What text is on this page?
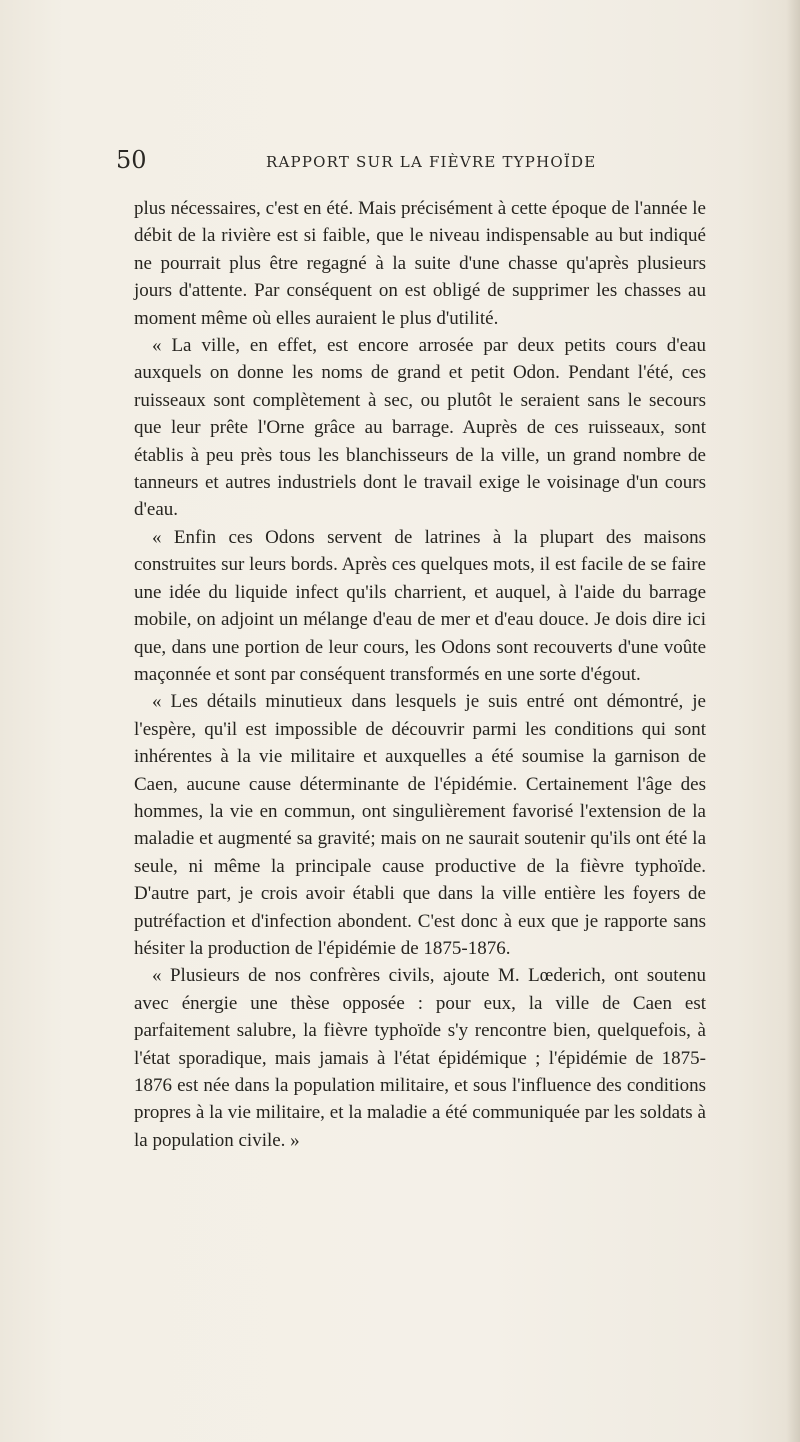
50	RAPPORT SUR LA FIÈVRE TYPHOÏDE

plus nécessaires, c'est en été. Mais précisément à cette époque de l'année le débit de la rivière est si faible, que le niveau indispensable au but indiqué ne pourrait plus être regagné à la suite d'une chasse qu'après plusieurs jours d'attente. Par conséquent on est obligé de supprimer les chasses au moment même où elles auraient le plus d'utilité.

« La ville, en effet, est encore arrosée par deux petits cours d'eau auxquels on donne les noms de grand et petit Odon. Pendant l'été, ces ruisseaux sont complètement à sec, ou plutôt le seraient sans le secours que leur prête l'Orne grâce au barrage. Auprès de ces ruisseaux, sont établis à peu près tous les blanchisseurs de la ville, un grand nombre de tanneurs et autres industriels dont le travail exige le voisinage d'un cours d'eau.

« Enfin ces Odons servent de latrines à la plupart des maisons construites sur leurs bords. Après ces quelques mots, il est facile de se faire une idée du liquide infect qu'ils charrient, et auquel, à l'aide du barrage mobile, on adjoint un mélange d'eau de mer et d'eau douce. Je dois dire ici que, dans une portion de leur cours, les Odons sont recouverts d'une voûte maçonnée et sont par conséquent transformés en une sorte d'égout.

« Les détails minutieux dans lesquels je suis entré ont démontré, je l'espère, qu'il est impossible de découvrir parmi les conditions qui sont inhérentes à la vie militaire et auxquelles a été soumise la garnison de Caen, aucune cause déterminante de l'épidémie. Certainement l'âge des hommes, la vie en commun, ont singulièrement favorisé l'extension de la maladie et augmenté sa gravité; mais on ne saurait soutenir qu'ils ont été la seule, ni même la principale cause productive de la fièvre typhoïde. D'autre part, je crois avoir établi que dans la ville entière les foyers de putréfaction et d'infection abondent. C'est donc à eux que je rapporte sans hésiter la production de l'épidémie de 1875-1876.

« Plusieurs de nos confrères civils, ajoute M. Lœderich, ont soutenu avec énergie une thèse opposée : pour eux, la ville de Caen est parfaitement salubre, la fièvre typhoïde s'y rencontre bien, quelquefois, à l'état sporadique, mais jamais à l'état épidémique ; l'épidémie de 1875-1876 est née dans la population militaire, et sous l'influence des conditions propres à la vie militaire, et la maladie a été communiquée par les soldats à la population civile. »
